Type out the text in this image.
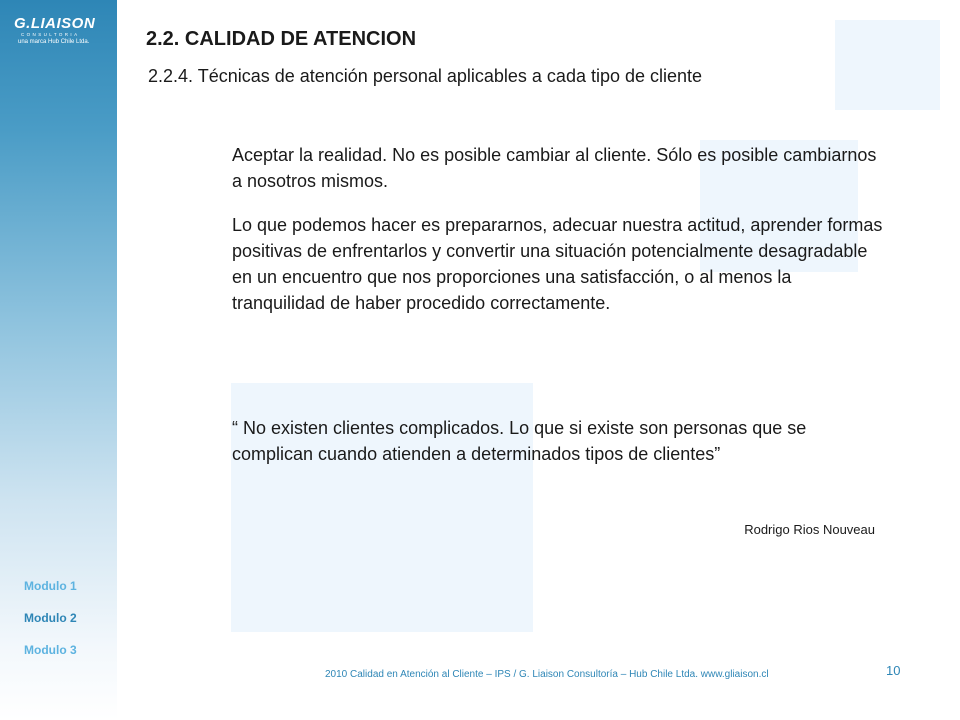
G.LIAISON
CONSULTORIA
una marca Hub Chile Ltda.	2.2. CALIDAD DE ATENCION
2.2.4. Técnicas de atención personal aplicables a cada tipo de cliente

Aceptar la realidad. No es posible cambiar al cliente. Sólo es posible cambiarnos a nosotros mismos.

Lo que podemos hacer es prepararnos, adecuar nuestra actitud, aprender formas positivas de enfrentarlos y convertir una situación potencialmente desagradable en un encuentro que nos proporciones una satisfacción, o al menos la tranquilidad de haber procedido correctamente.

“ No existen clientes complicados. Lo que si existe son personas que se complican cuando atienden a determinados tipos de clientes”

Rodrigo Rios Nouveau
Modulo 1
Modulo 2
Modulo 3
2010 Calidad en Atención al Cliente – IPS / G. Liaison Consultoría – Hub Chile Ltda. www.gliaison.cl	10
